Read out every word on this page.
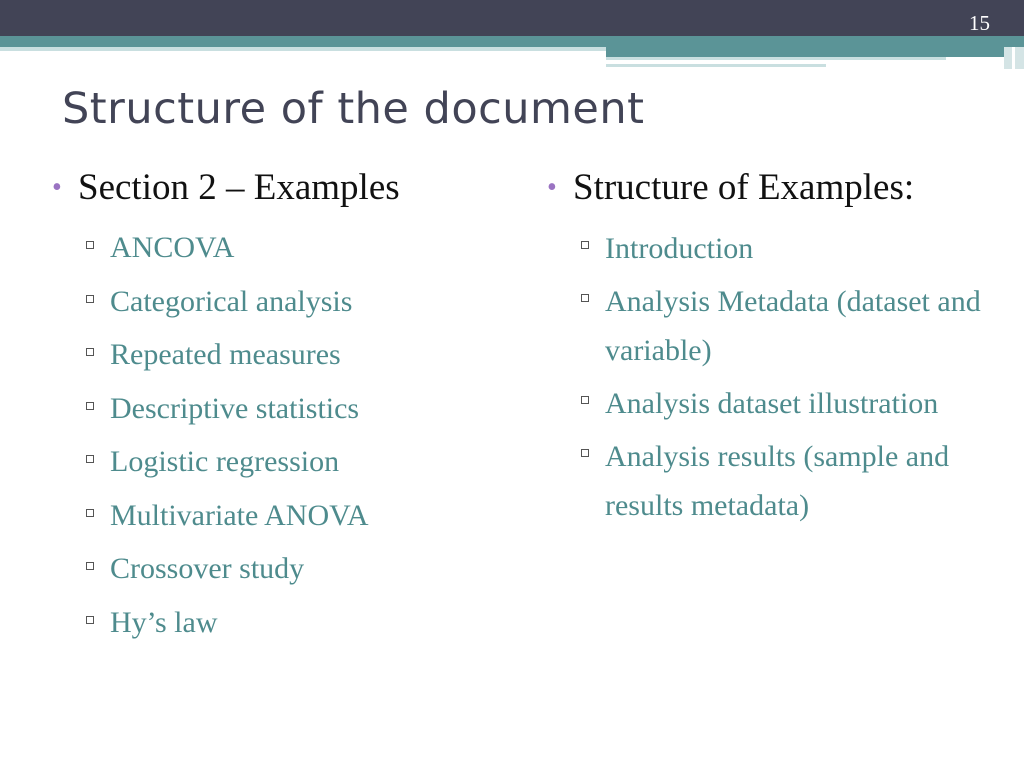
15
Structure of the document
• Section 2 – Examples
ANCOVA
Categorical analysis
Repeated measures
Descriptive statistics
Logistic regression
Multivariate ANOVA
Crossover study
Hy’s law
• Structure of Examples:
Introduction
Analysis Metadata (dataset and variable)
Analysis dataset illustration
Analysis results (sample and results metadata)
